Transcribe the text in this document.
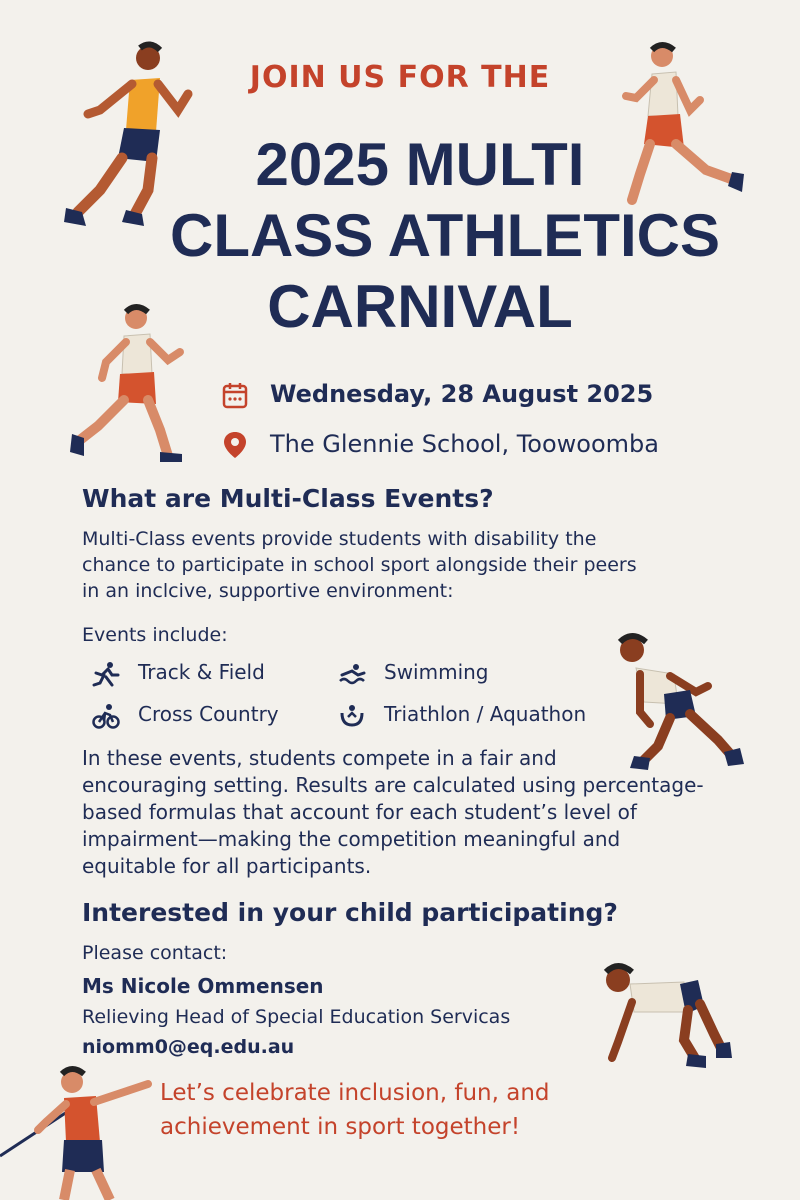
JOIN US FOR THE
2025 MULTI
CLASS ATHLETICS
CARNIVAL
Wednesday, 28 August 2025
The Glennie School, Toowoomba
What are Multi-Class Events?
Multi-Class events provide students with disability the
chance to participate in school sport alongside their peers
in an inclcive, supportive environment:
Events include:
Track & Field	Swimming
Cross Country	Triathlon / Aquathon
In these events, students compete in a fair and
encouraging setting. Results are calculated using percentage-
based formulas that account for each student’s level of
impairment—making the competition meaningful and
equitable for all participants.
Interested in your child participating?
Please contact:
Ms Nicole Ommensen
Relieving Head of Special Education Servicas
niomm0@eq.edu.au
Let’s celebrate inclusion, fun, and
achievement in sport together!
